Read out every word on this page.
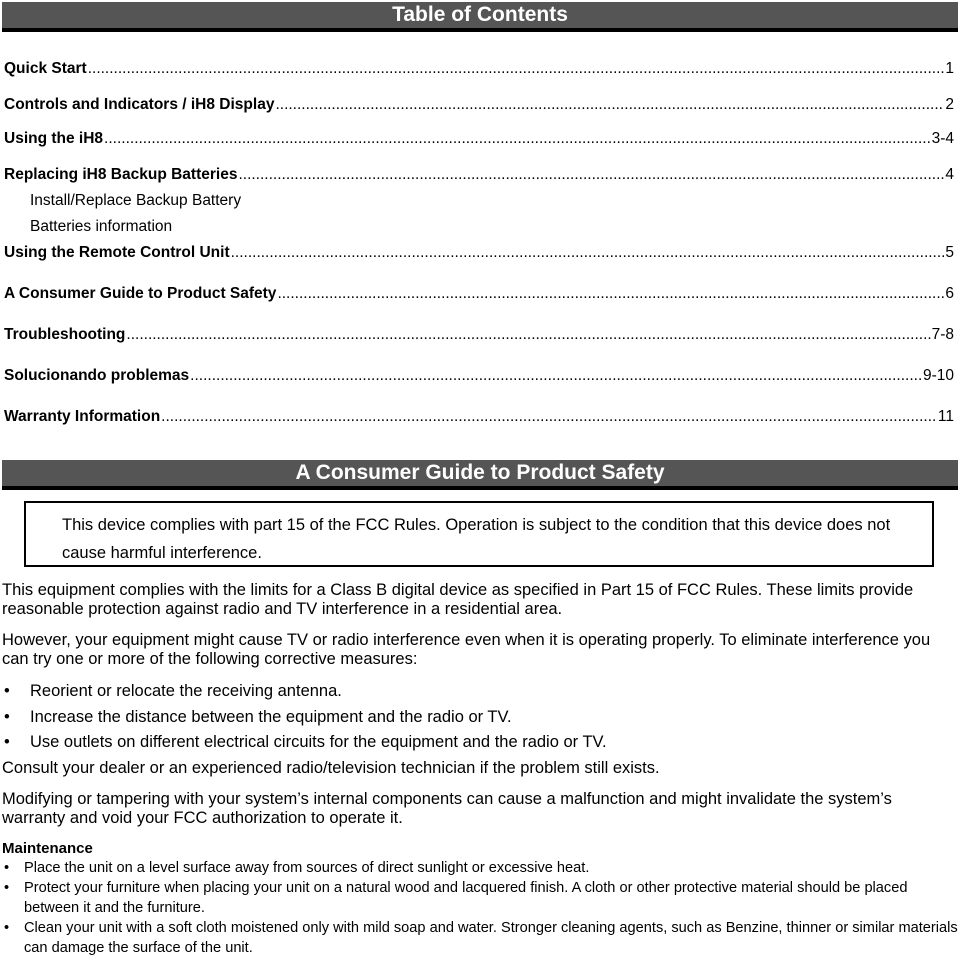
Table of Contents
Quick Start .....	1
Controls and Indicators / iH8 Display .....	2
Using the iH8 .....	3-4
Replacing iH8 Backup Batteries .....	4
Install/Replace Backup Battery
Batteries information
Using the Remote Control Unit .....	5
A Consumer Guide to Product Safety .....	6
Troubleshooting .....	7-8
Solucionando problemas .....	9-10
Warranty Information .....	11
A Consumer Guide to Product Safety
This device complies with part 15 of the FCC Rules. Operation is subject to the condition that this device does not cause harmful interference.
This equipment complies with the limits for a Class B digital device as specified in Part 15 of FCC Rules. These limits provide reasonable protection against radio and TV interference in a residential area.
However, your equipment might cause TV or radio interference even when it is operating properly. To eliminate interference you can try one or more of the following corrective measures:
• Reorient or relocate the receiving antenna.
• Increase the distance between the equipment and the radio or TV.
• Use outlets on different electrical circuits for the equipment and the radio or TV.
Consult your dealer or an experienced radio/television technician if the problem still exists.
Modifying or tampering with your system’s internal components can cause a malfunction and might invalidate the system’s warranty and void your FCC authorization to operate it.
Maintenance
• Place the unit on a level surface away from sources of direct sunlight or excessive heat.
• Protect your furniture when placing your unit on a natural wood and lacquered finish. A cloth or other protective material should be placed between it and the furniture.
• Clean your unit with a soft cloth moistened only with mild soap and water. Stronger cleaning agents, such as Benzine, thinner or similar materials can damage the surface of the unit.
